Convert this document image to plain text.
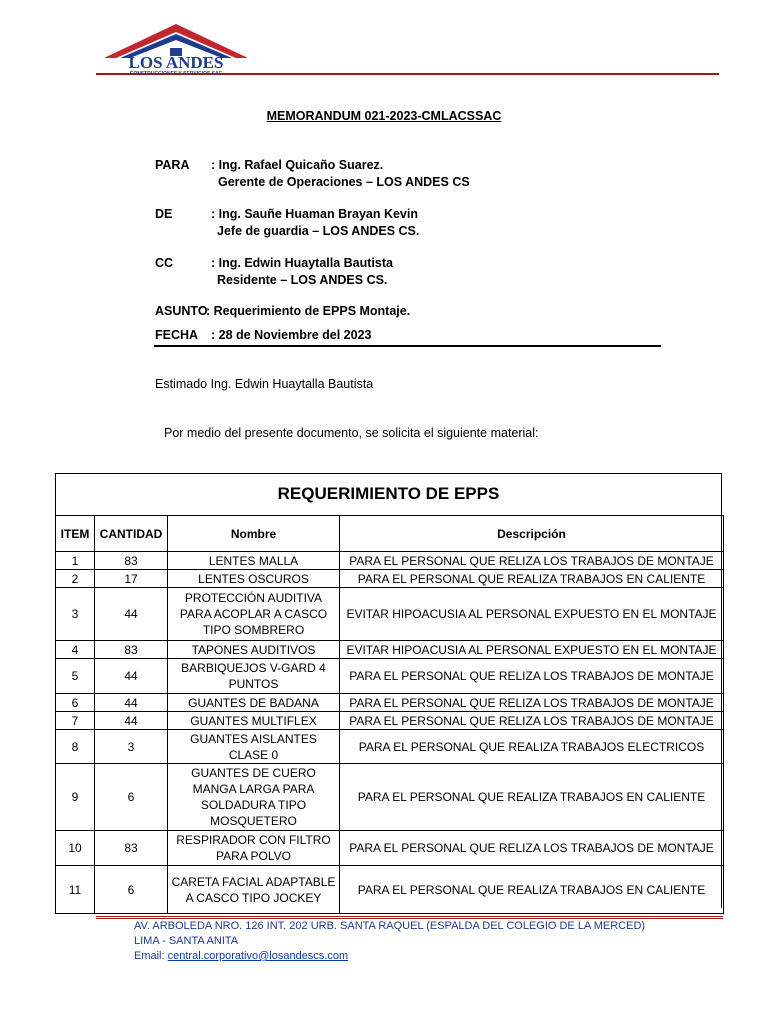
LOS ANDES
MEMORANDUM 021-2023-CMLACSSAC
PARA : Ing. Rafael Quicaño Suarez.
Gerente de Operaciones – LOS ANDES CS
DE	: Ing. Sauñe Huaman Brayan Kevin
Jefe de guardia – LOS ANDES CS.
CC	: Ing. Edwin Huaytalla Bautista
Residente – LOS ANDES CS.
ASUNTO
: Requerimiento de EPPS Montaje.
FECHA : 28 de Noviembre del 2023
Estimado Ing. Edwin Huaytalla Bautista
Por medio del presente documento, se solicita el siguiente material:
REQUERIMIENTO DE EPPS
ITEM	CANTIDAD	Nombre	Descripción
1	83	LENTES MALLA	PARA EL PERSONAL QUE RELIZA LOS TRABAJOS DE MONTAJE
2	17	LENTES OSCUROS	PARA EL PERSONAL QUE REALIZA TRABAJOS EN CALIENTE
3	44	PROTECCIÓN AUDITIVA PARA ACOPLAR A CASCO TIPO SOMBRERO	EVITAR HIPOACUSIA AL PERSONAL EXPUESTO EN EL MONTAJE
4	83	TAPONES AUDITIVOS	EVITAR HIPOACUSIA AL PERSONAL EXPUESTO EN EL MONTAJE
5	44	BARBIQUEJOS V-GARD 4 PUNTOS	PARA EL PERSONAL QUE RELIZA LOS TRABAJOS DE MONTAJE
6	44	GUANTES DE BADANA	PARA EL PERSONAL QUE RELIZA LOS TRABAJOS DE MONTAJE
7	44	GUANTES MULTIFLEX	PARA EL PERSONAL QUE RELIZA LOS TRABAJOS DE MONTAJE
8	3	GUANTES AISLANTES CLASE 0	PARA EL PERSONAL QUE REALIZA TRABAJOS ELECTRICOS
9	6	GUANTES DE CUERO MANGA LARGA PARA SOLDADURA TIPO MOSQUETERO	PARA EL PERSONAL QUE REALIZA TRABAJOS EN CALIENTE
10	83	RESPIRADOR CON FILTRO PARA POLVO	PARA EL PERSONAL QUE RELIZA LOS TRABAJOS DE MONTAJE
11	6	CARETA FACIAL ADAPTABLE A CASCO TIPO JOCKEY	PARA EL PERSONAL QUE REALIZA TRABAJOS EN CALIENTE
AV. ARBOLEDA NRO. 126 INT. 202 URB. SANTA RAQUEL (ESPALDA DEL COLEGIO DE LA MERCED)
LIMA - SANTA ANITA
Email: central.corporativo@losandescs.com
